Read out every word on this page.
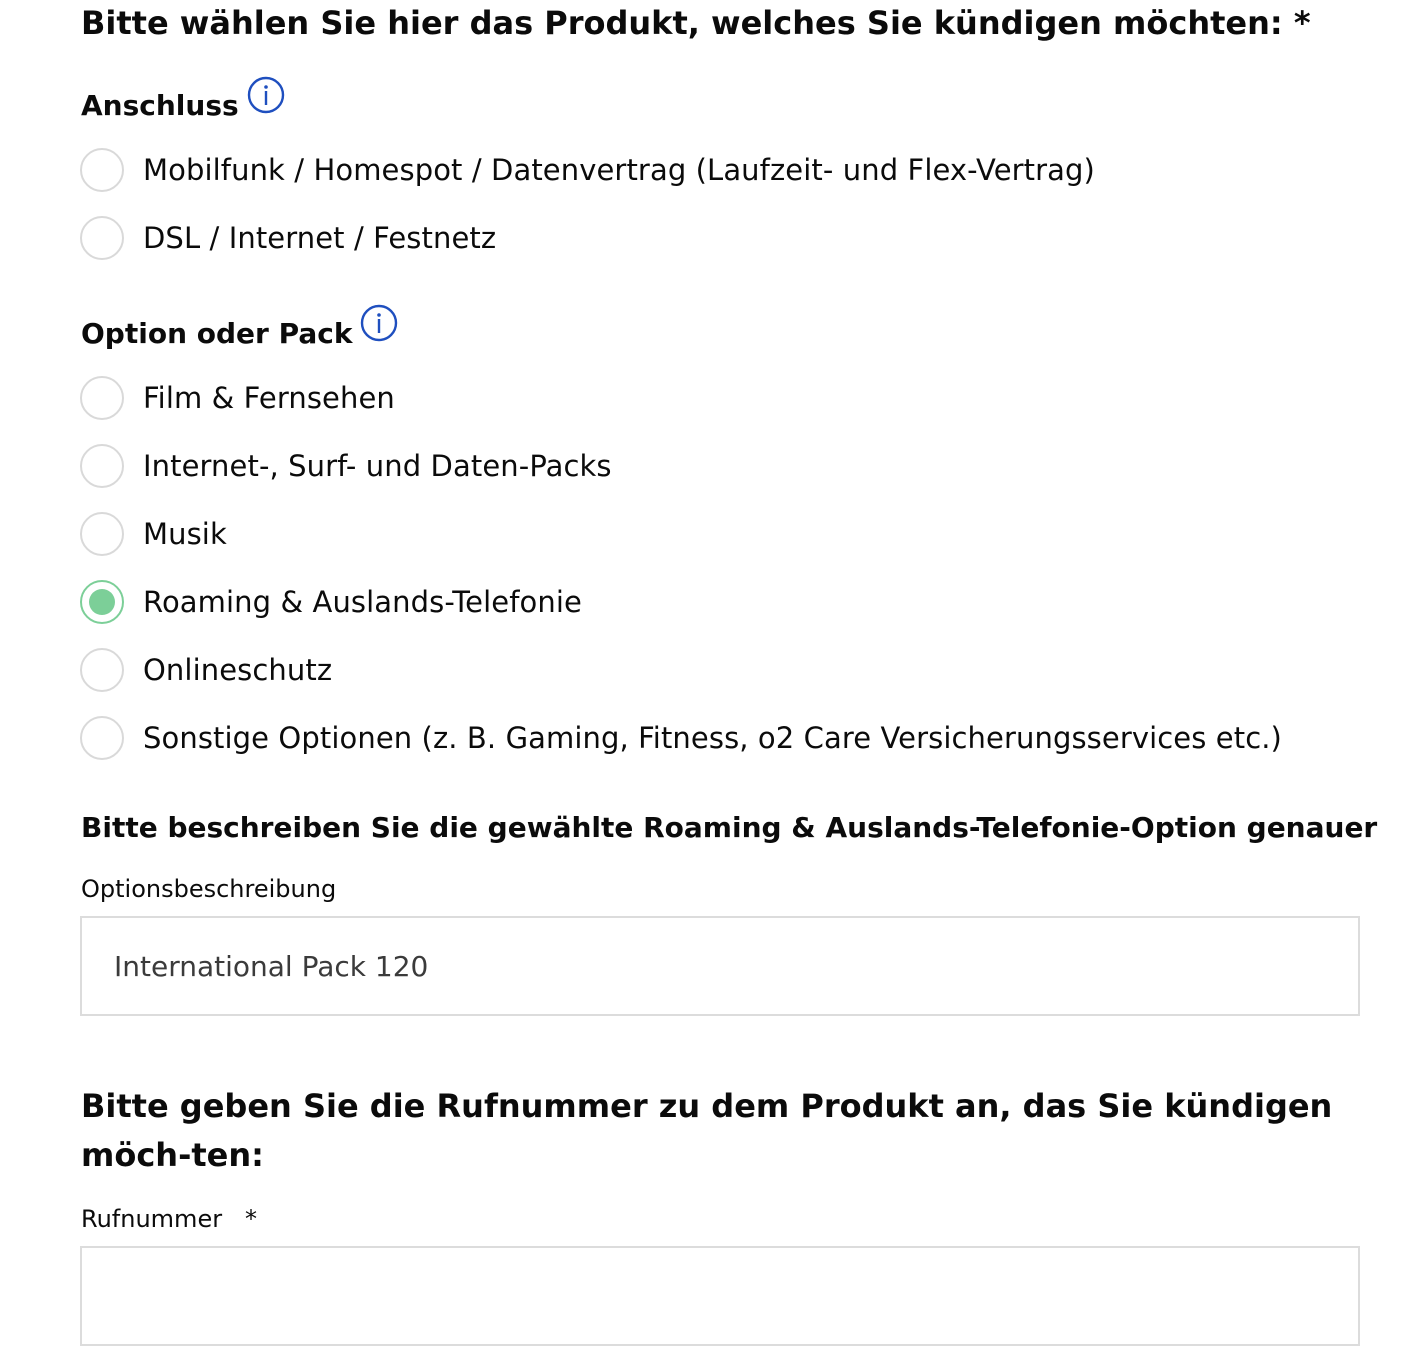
Bitte wählen Sie hier das Produkt, welches Sie kündigen möchten: *
Anschluss
Mobilfunk / Homespot / Datenvertrag (Laufzeit- und Flex-Vertrag)
DSL / Internet / Festnetz
Option oder Pack
Film & Fernsehen
Internet-, Surf- und Daten-Packs
Musik
Roaming & Auslands-Telefonie
Onlineschutz
Sonstige Optionen (z. B. Gaming, Fitness, o2 Care Versicherungsservices etc.)
Bitte beschreiben Sie die gewählte Roaming & Auslands-Telefonie-Option genauer
Optionsbeschreibung
International Pack 120
Bitte geben Sie die Rufnummer zu dem Produkt an, das Sie kündigen möch-ten:
Rufnummer   *
